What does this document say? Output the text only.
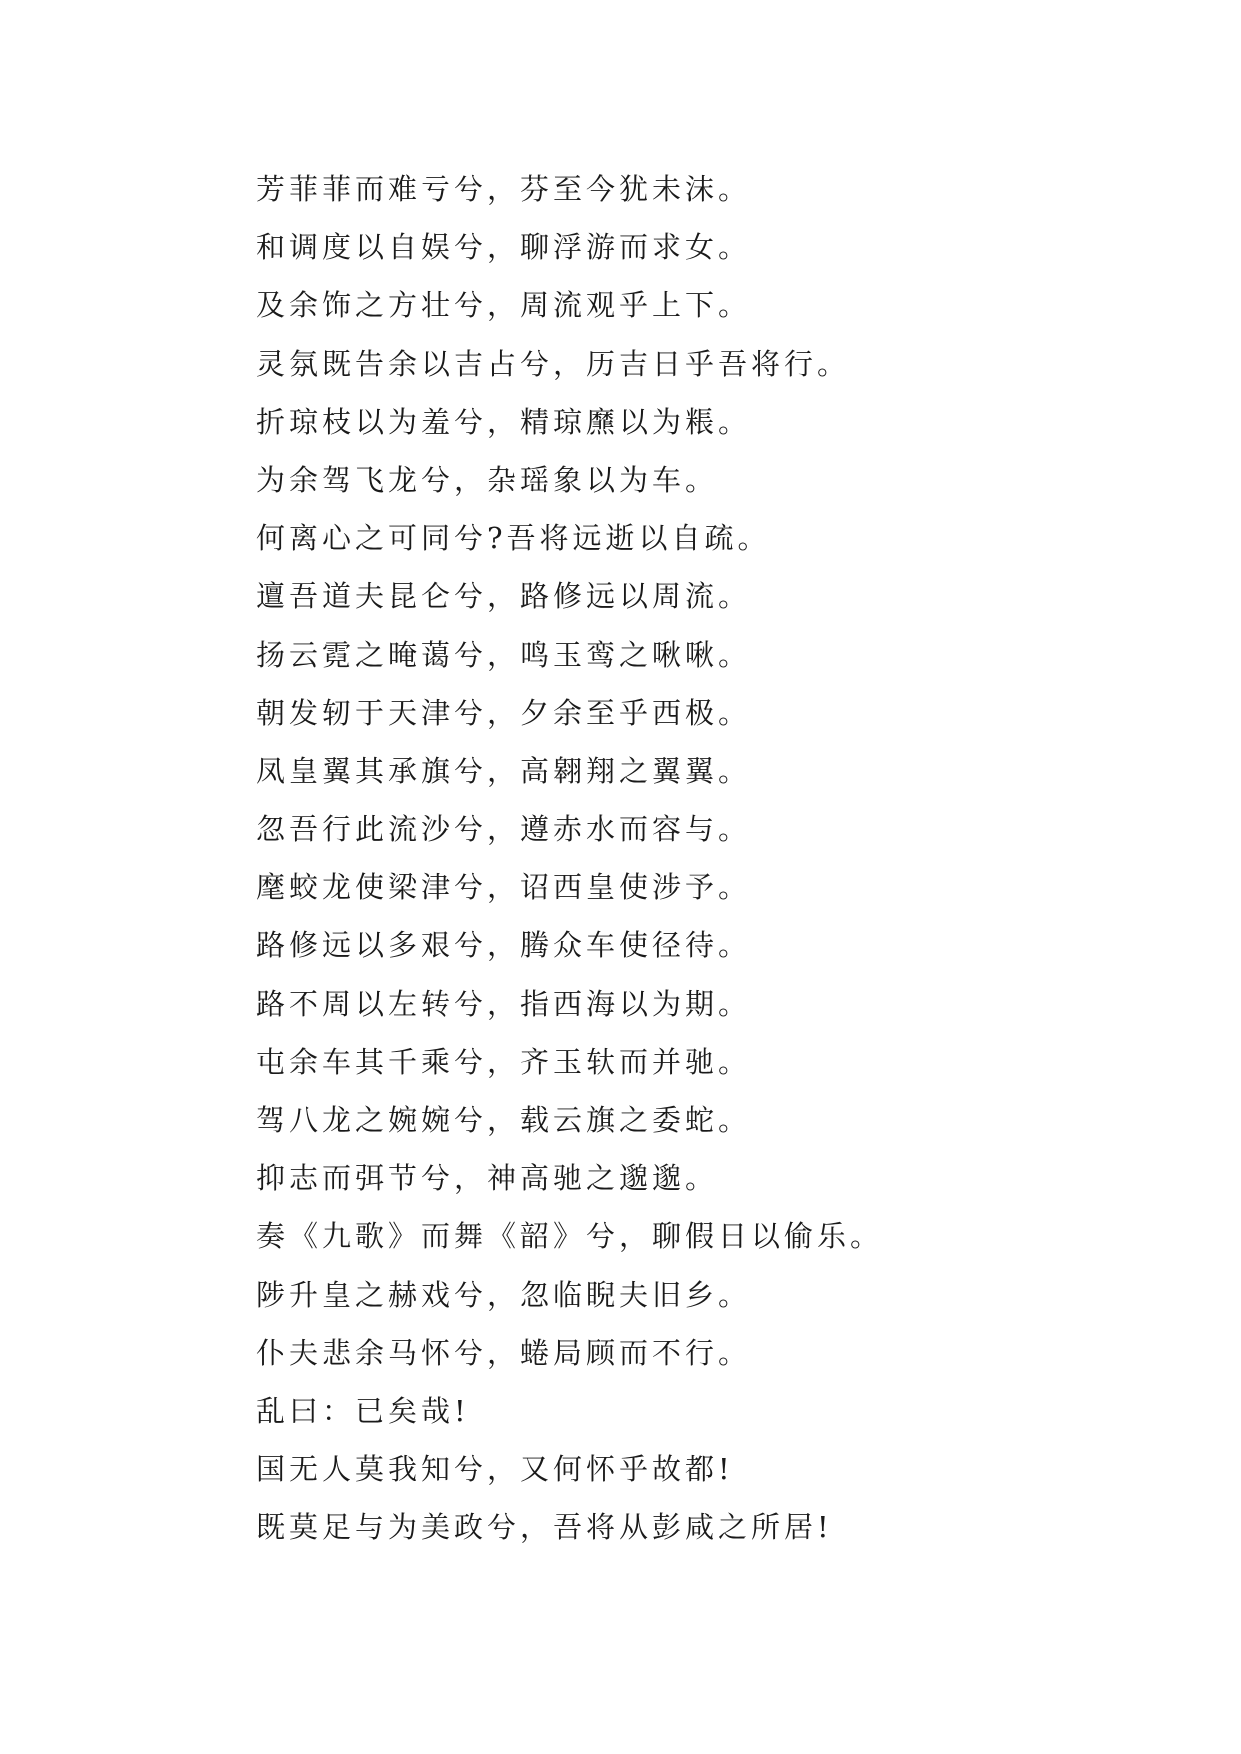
芳菲菲而难亏兮，芬至今犹未沫。
和调度以自娱兮，聊浮游而求女。
及余饰之方壮兮，周流观乎上下。
灵氛既告余以吉占兮，历吉日乎吾将行。
折琼枝以为羞兮，精琼爢以为粻。
为余驾飞龙兮，杂瑶象以为车。
何离心之可同兮?吾将远逝以自疏。
邅吾道夫昆仑兮，路修远以周流。
扬云霓之晻蔼兮，鸣玉鸾之啾啾。
朝发轫于天津兮，夕余至乎西极。
凤皇翼其承旗兮，高翱翔之翼翼。
忽吾行此流沙兮，遵赤水而容与。
麾蛟龙使梁津兮，诏西皇使涉予。
路修远以多艰兮，腾众车使径待。
路不周以左转兮，指西海以为期。
屯余车其千乘兮，齐玉轪而并驰。
驾八龙之婉婉兮，载云旗之委蛇。
抑志而弭节兮，神高驰之邈邈。
奏《九歌》而舞《韶》兮，聊假日以偷乐。
陟升皇之赫戏兮，忽临睨夫旧乡。
仆夫悲余马怀兮，蜷局顾而不行。
乱曰：已矣哉!
国无人莫我知兮，又何怀乎故都!
既莫足与为美政兮，吾将从彭咸之所居!
